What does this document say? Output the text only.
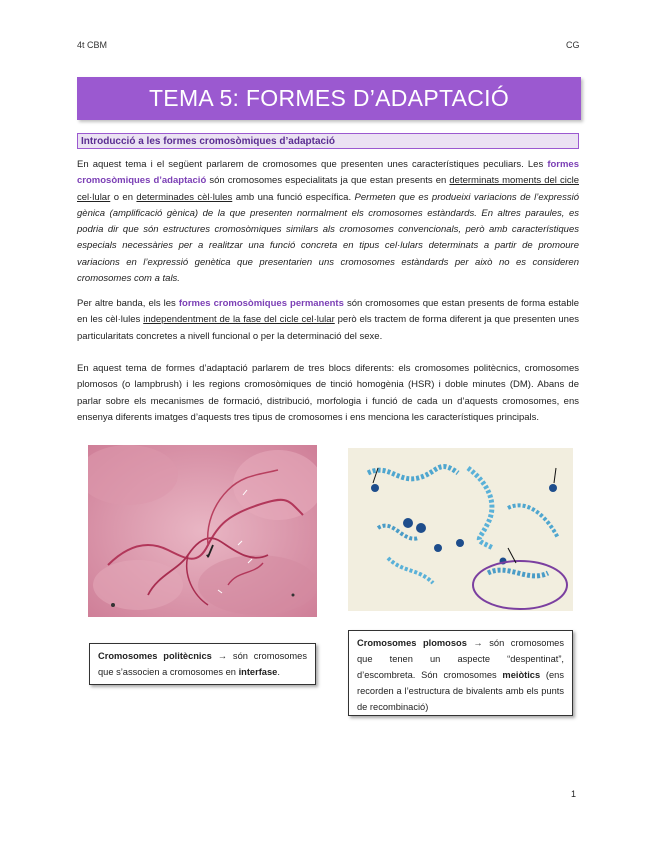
4t CBM	CG
TEMA 5: FORMES D’ADAPTACIÓ
Introducció a les formes cromosòmiques d’adaptació
En aquest tema i el següent parlarem de cromosomes que presenten unes característiques peculiars. Les formes cromosòmiques d’adaptació són cromosomes especialitats ja que estan presents en determinats moments del cicle cel·lular o en determinades cèl·lules amb una funció específica. Permeten que es produeixi variacions de l’expressió gènica (amplificació gènica) de la que presenten normalment els cromosomes estàndards. En altres paraules, es podria dir que són estructures cromosòmiques similars als cromosomes convencionals, però amb característiques especials necessàries per a realitzar una funció concreta en tipus cel·lulars determinats a partir de promoure variacions en l’expressió genètica que presentarien uns cromosomes estàndards per això no es consideren cromosomes com a tals.
Per altre banda, els les formes cromosòmiques permanents són cromosomes que estan presents de forma estable en les cèl·lules independentment de la fase del cicle cel·lular però els tractem de forma diferent ja que presenten unes particularitats concretes a nivell funcional o per la determinació del sexe.
En aquest tema de formes d’adaptació parlarem de tres blocs diferents: els cromosomes politècnics, cromosomes plomosos (o lampbrush) i les regions cromosòmiques de tinció homogènia (HSR) i doble minutes (DM). Abans de parlar sobre els mecanismes de formació, distribució, morfologia i funció de cada un d’aquests cromosomes, ens ensenya diferents imatges d’aquests tres tipus de cromosomes i ens menciona les característiques principals.
Cromosomes politècnics → són cromosomes que s’associen a cromosomes en interfase.
Cromosomes plomosos → són cromosomes que tenen un aspecte “despentinat”, d’escombreta. Són cromosomes meiòtics (ens recorden a l’estructura de bivalents amb els punts de recombinació)
1
